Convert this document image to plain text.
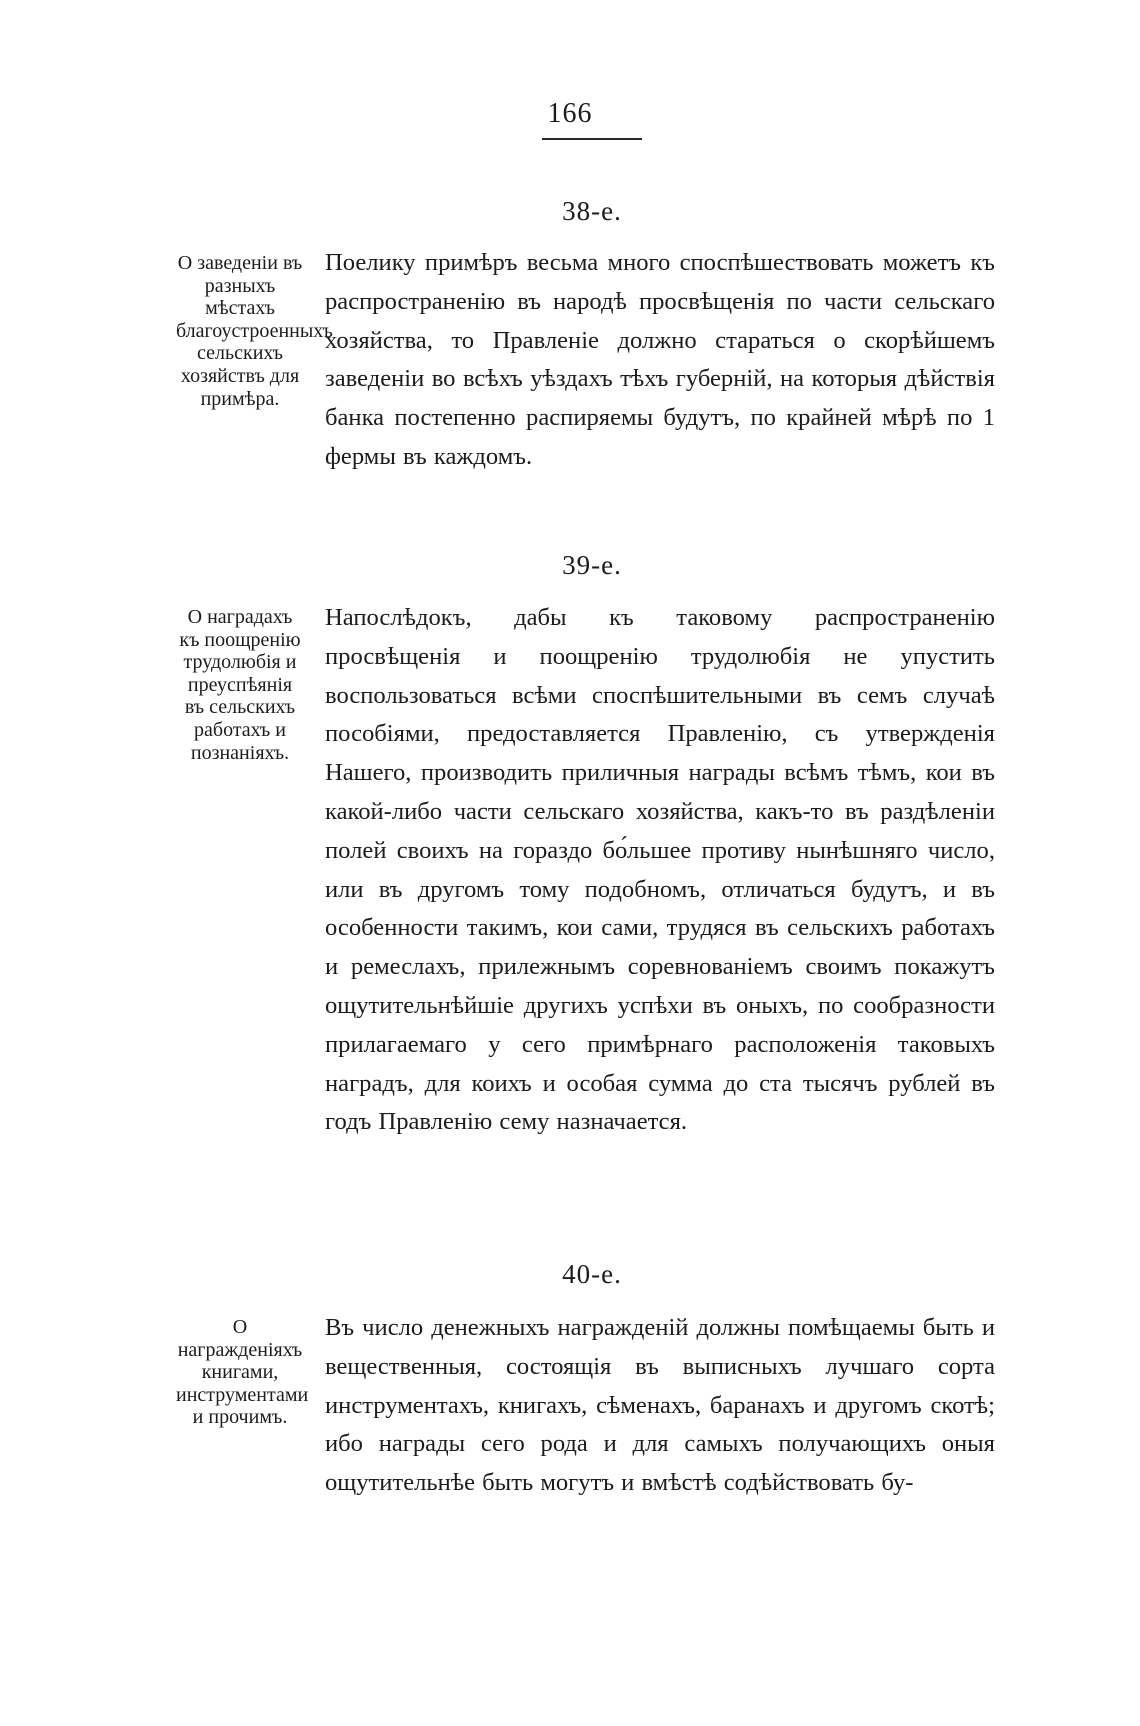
166
38-е.
О заведеніи въ разныхъ мѣстахъ благоустроенныхъ сельскихъ хозяйствъ для примѣра.
Поелику примѣръ весьма много споспѣшествовать можетъ къ распространенію въ народѣ просвѣщенія по части сельскаго хозяйства, то Правленіе должно стараться о скорѣйшемъ заведеніи во всѣхъ уѣздахъ тѣхъ губерній, на которыя дѣйствія банка постепенно распиряемы будутъ, по крайней мѣрѣ по 1 фермы въ каждомъ.
39-е.
О наградахъ къ поощренію трудолюбія и преуспѣянія въ сельскихъ работахъ и познаніяхъ.
Напослѣдокъ, дабы къ таковому распространенію просвѣщенія и поощренію трудолюбія не упустить воспользоваться всѣми споспѣшительными въ семъ случаѣ пособіями, предоставляется Правленію, съ утвержденія Нашего, производить приличныя награды всѣмъ тѣмъ, кои въ какой-либо части сельскаго хозяйства, какъ-то въ раздѣленіи полей своихъ на гораздо бо́льшее противу нынѣшняго число, или въ другомъ тому подобномъ, отличаться будутъ, и въ особенности такимъ, кои сами, трудяся въ сельскихъ работахъ и ремеслахъ, прилежнымъ соревнованіемъ своимъ покажутъ ощутительнѣйшіе другихъ успѣхи въ оныхъ, по сообразности прилагаемаго у сего примѣрнаго расположенія таковыхъ наградъ, для коихъ и особая сумма до ста тысячъ рублей въ годъ Правленію сему назначается.
40-е.
О награжденіяхъ книгами, инструментами и прочимъ.
Въ число денежныхъ награжденій должны помѣщаемы быть и вещественныя, состоящія въ выписныхъ лучшаго сорта инструментахъ, книгахъ, сѣменахъ, баранахъ и другомъ скотѣ; ибо награды сего рода и для самыхъ получающихъ оныя ощутительнѣе быть могутъ и вмѣстѣ содѣйствовать бу-
